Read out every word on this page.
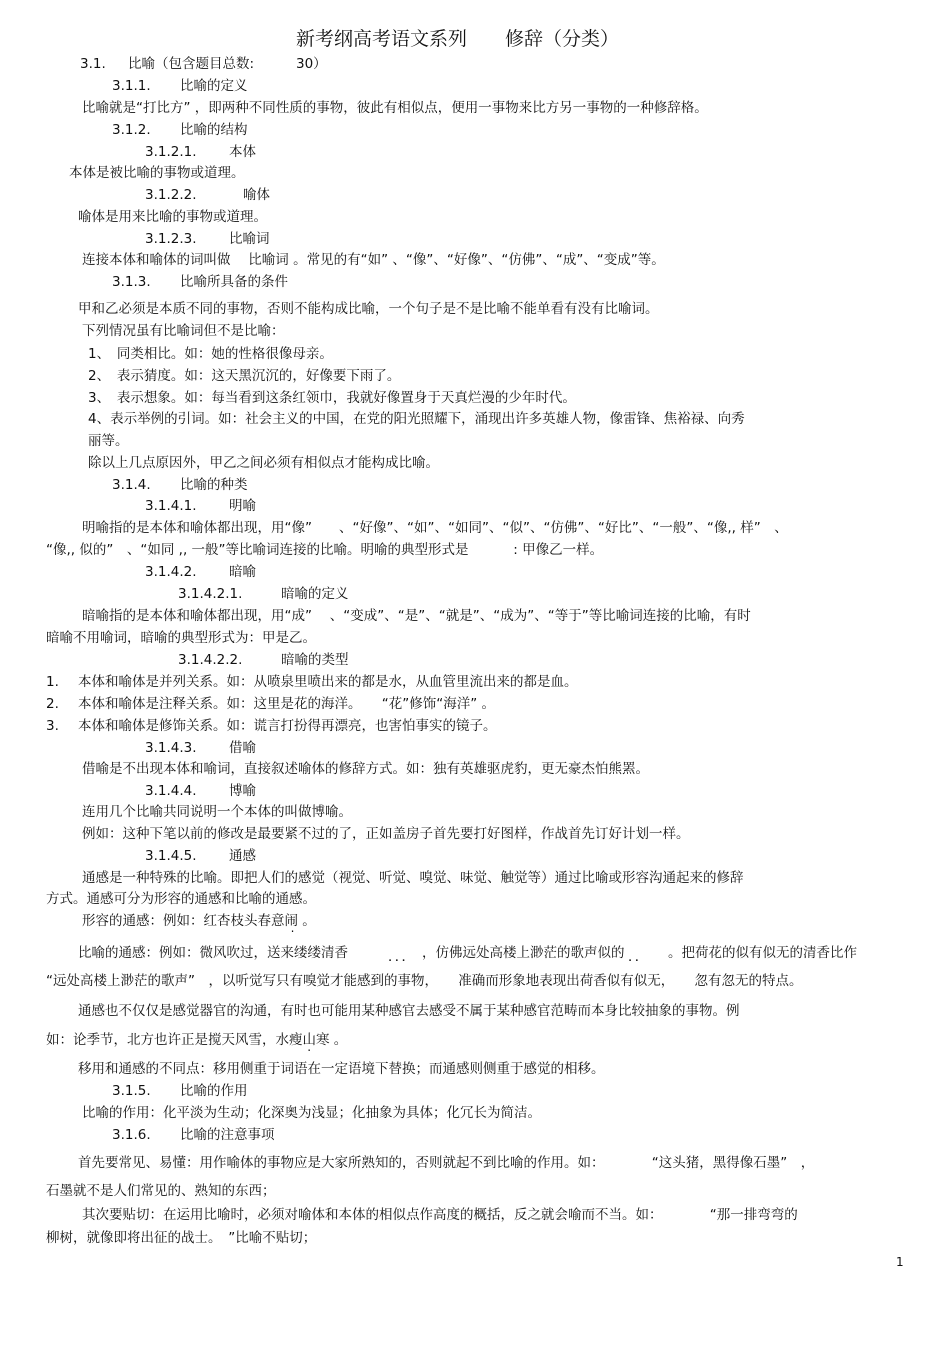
新考纲高考语文系列　　修辞（分类）
3.1. 比喻（包含题目总数:	30）
3.1.1. 比喻的定义
比喻就是“打比方” ，即两种不同性质的事物，彼此有相似点，便用一事物来比方另一事物的一种修辞格。
3.1.2. 比喻的结构
3.1.2.1. 本体
本体是被比喻的事物或道理。
3.1.2.2.	喻体
喻体是用来比喻的事物或道理。
3.1.2.3. 比喻词
连接本体和喻体的词叫做　 比喻词 。常见的有“如” 、“像”、“好像”、“仿佛”、“成”、“变成”等。
3.1.3. 比喻所具备的条件
甲和乙必须是本质不同的事物，否则不能构成比喻，一个句子是不是比喻不能单看有没有比喻词。
下列情况虽有比喻词但不是比喻：
1、　同类相比。如：她的性格很像母亲。
2、　表示猜度。如：这天黑沉沉的，好像要下雨了。
3、　表示想象。如：每当看到这条红领巾，我就好像置身于天真烂漫的少年时代。
4、表示举例的引词。如：社会主义的中国，在党的阳光照耀下，涌现出许多英雄人物，像雷锋、焦裕禄、向秀
丽等。
除以上几点原因外，甲乙之间必须有相似点才能构成比喻。
3.1.4. 比喻的种类
3.1.4.1. 明喻
明喻指的是本体和喻体都出现，用“像”　　、“好像”、“如”、“如同”、“似”、“仿佛”、“好比”、“一般”、“像,, 样”　、
“像,, 似的”　、“如同 ,, 一般”等比喻词连接的比喻。明喻的典型形式是　　　 : 甲像乙一样。
3.1.4.2. 暗喻
3.1.4.2.1.	暗喻的定义
暗喻指的是本体和喻体都出现，用“成”　 、“变成”、“是”、“就是”、“成为”、“等于”等比喻词连接的比喻，有时
暗喻不用喻词，暗喻的典型形式为：甲是乙。
3.1.4.2.2.	暗喻的类型
1. 本体和喻体是并列关系。如：从喷泉里喷出来的都是水，从血管里流出来的都是血。
2. 本体和喻体是注释关系。如：这里是花的海洋。　　“花”修饰“海洋” 。
3. 本体和喻体是修饰关系。如：谎言打扮得再漂亮，也害怕事实的镜子。
3.1.4.3. 借喻
借喻是不出现本体和喻词，直接叙述喻体的修辞方式。如：独有英雄驱虎豹，更无豪杰怕熊罴。
3.1.4.4. 博喻
连用几个比喻共同说明一个本体的叫做博喻。
例如：这种下笔以前的修改是最要紧不过的了，正如盖房子首先要打好图样，作战首先订好计划一样。
3.1.4.5. 通感
通感是一种特殊的比喻。即把人们的感觉（视觉、听觉、嗅觉、味觉、触觉等）通过比喻或形容沟通起来的修辞
方式。通感可分为形容的通感和比喻的通感。
形容的通感：例如：红杏枝头春意闹 。
比喻的通感：例如：微风吹过，送来缕缕清香	．．． ，仿佛远处高楼上渺茫的歌声似的 ．． 。把荷花的似有似无的清香比作
“远处高楼上渺茫的歌声”　，以听觉写只有嗅觉才能感到的事物，　　准确而形象地表现出荷香似有似无，　　忽有忽无的特点。
通感也不仅仅是感觉器官的沟通，有时也可能用某种感官去感受不属于某种感官范畴而本身比较抽象的事物。例
如：论季节，北方也许正是搅天风雪，水瘦山寒 。
移用和通感的不同点：移用侧重于词语在一定语境下替换；而通感则侧重于感觉的相移。
3.1.5. 比喻的作用
比喻的作用：化平淡为生动；化深奥为浅显；化抽象为具体；化冗长为简洁。
3.1.6. 比喻的注意事项
首先要常见、易懂：用作喻体的事物应是大家所熟知的，否则就起不到比喻的作用。如：　　　　“这头猪，黑得像石墨”　，
石墨就不是人们常见的、熟知的东西；
其次要贴切：在运用比喻时，必须对喻体和本体的相似点作高度的概括，反之就会喻而不当。如：　　　　“那一排弯弯的
柳树，就像即将出征的战士。　”比喻不贴切；
1
